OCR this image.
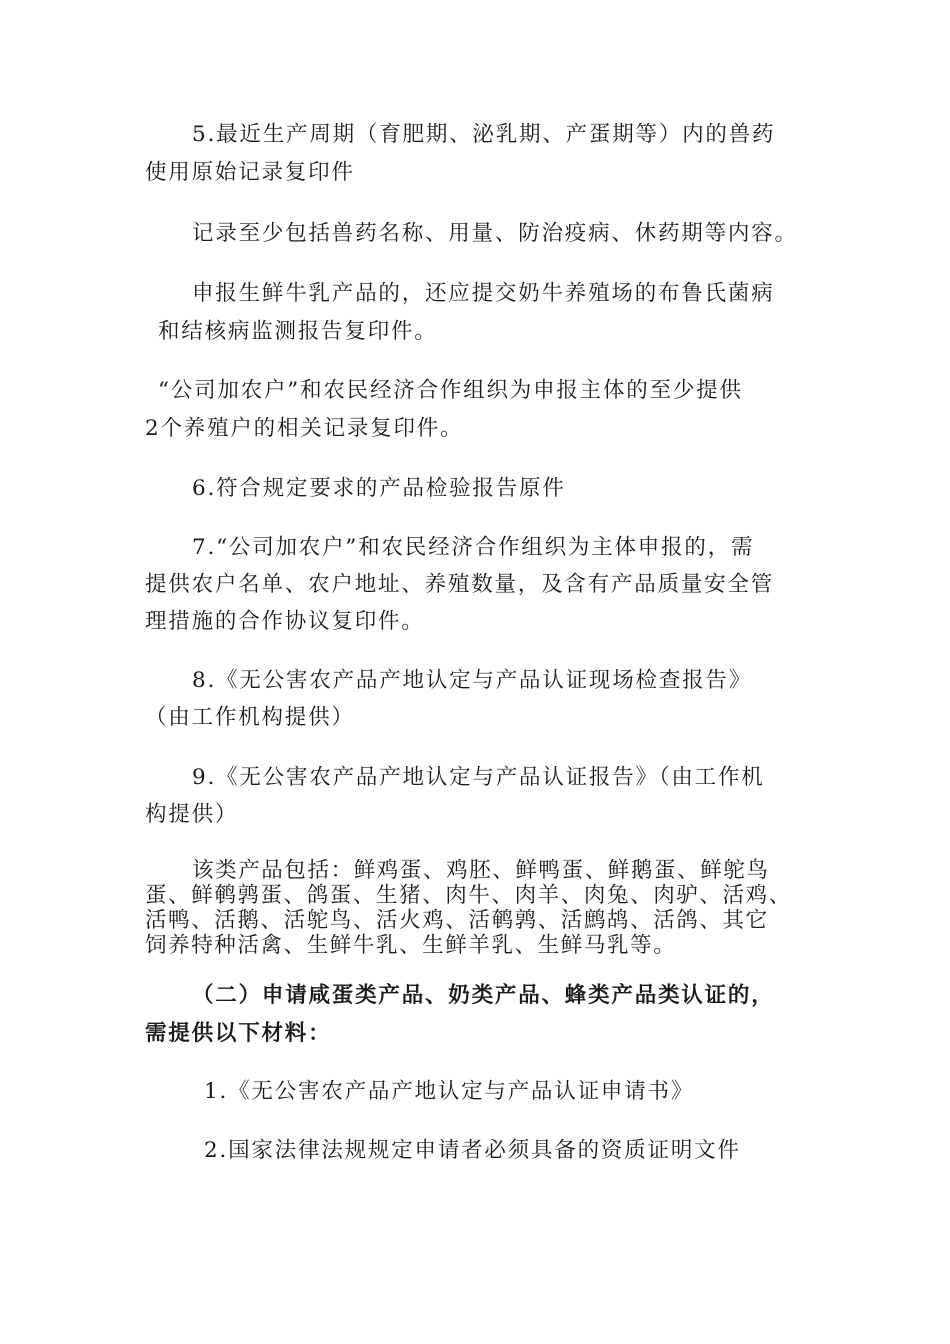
5.最近生产周期（育肥期、泌乳期、产蛋期等）内的兽药

使用原始记录复印件

记录至少包括兽药名称、用量、防治疫病、休药期等内容。

申报生鲜牛乳产品的，还应提交奶牛养殖场的布鲁氏菌病

和结核病监测报告复印件。

“公司加农户”和农民经济合作组织为申报主体的至少提供

2个养殖户的相关记录复印件。

6.符合规定要求的产品检验报告原件

7.“公司加农户”和农民经济合作组织为主体申报的，需

提供农户名单、农户地址、养殖数量，及含有产品质量安全管

理措施的合作协议复印件。

8.《无公害农产品产地认定与产品认证现场检查报告》

（由工作机构提供）

9.《无公害农产品产地认定与产品认证报告》（由工作机

构提供）

该类产品包括：鲜鸡蛋、鸡胚、鲜鸭蛋、鲜鹅蛋、鲜鸵鸟

蛋、鲜鹌鹑蛋、鸽蛋、生猪、肉牛、肉羊、肉兔、肉驴、活鸡、

活鸭、活鹅、活鸵鸟、活火鸡、活鹌鹑、活鹧鸪、活鸽、其它

饲养特种活禽、生鲜牛乳、生鲜羊乳、生鲜马乳等。

（二）申请咸蛋类产品、奶类产品、蜂类产品类认证的，

需提供以下材料：

1.《无公害农产品产地认定与产品认证申请书》

2.国家法律法规规定申请者必须具备的资质证明文件
